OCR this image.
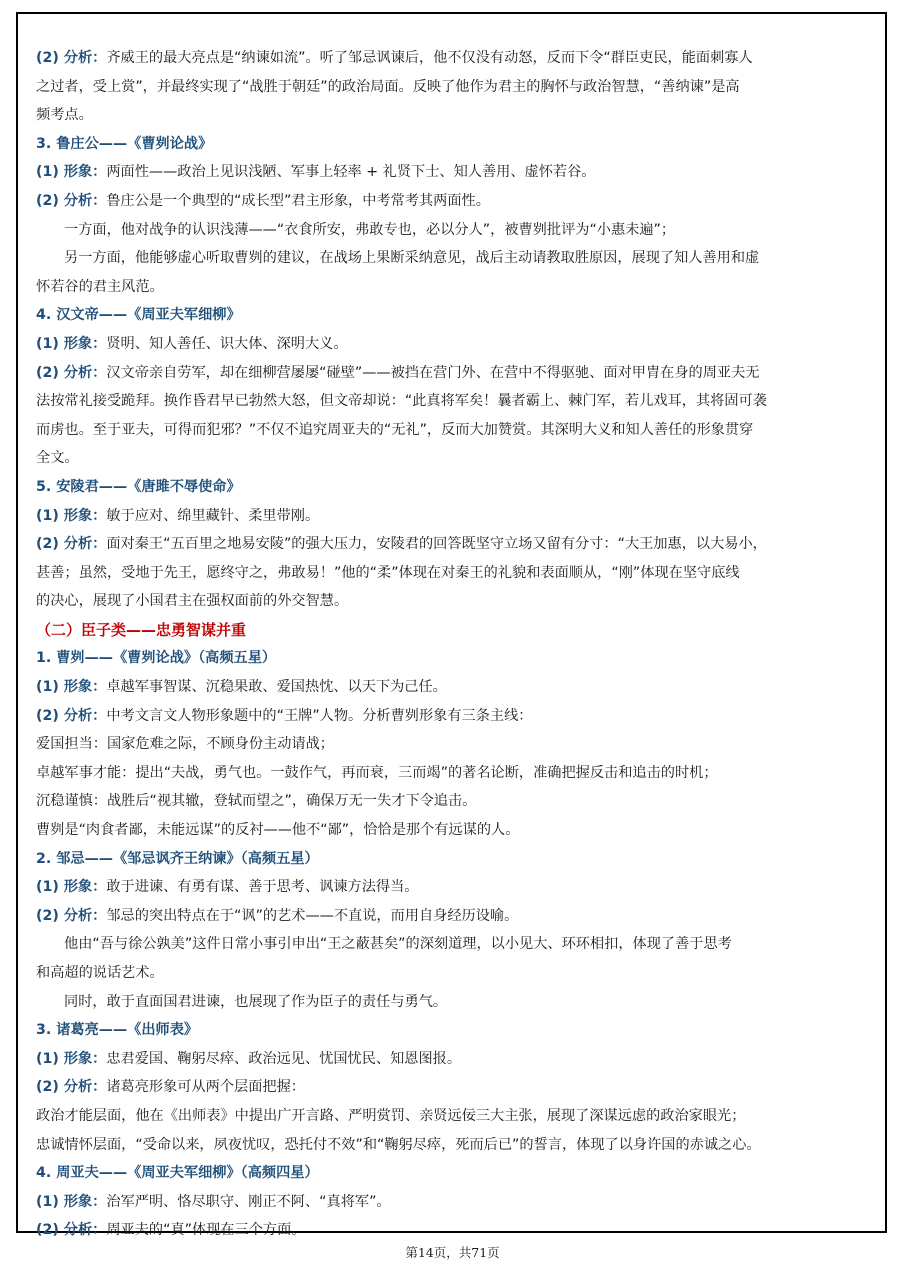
(2) 分析：齐威王的最大亮点是“纳谏如流”。听了邹忌讽谏后，他不仅没有动怒，反而下令“群臣吏民，能面刺寡人
之过者，受上赏”，并最终实现了“战胜于朝廷”的政治局面。反映了他作为君主的胸怀与政治智慧，“善纳谏”是高
频考点。
3. 鲁庄公——《曹刿论战》
(1) 形象：两面性——政治上见识浅陋、军事上轻率 + 礼贤下士、知人善用、虚怀若谷。
(2) 分析：鲁庄公是一个典型的“成长型”君主形象，中考常考其两面性。
一方面，他对战争的认识浅薄——“衣食所安，弗敢专也，必以分人”，被曹刿批评为“小惠未遍”；
另一方面，他能够虚心听取曹刿的建议，在战场上果断采纳意见，战后主动请教取胜原因，展现了知人善用和虚
怀若谷的君主风范。
4. 汉文帝——《周亚夫军细柳》
(1) 形象：贤明、知人善任、识大体、深明大义。
(2) 分析：汉文帝亲自劳军，却在细柳营屡屡“碰壁”——被挡在营门外、在营中不得驱驰、面对甲胄在身的周亚夫无
法按常礼接受跪拜。换作昏君早已勃然大怒，但文帝却说：“此真将军矣！曩者霸上、棘门军，若儿戏耳，其将固可袭
而虏也。至于亚夫，可得而犯邪？”不仅不追究周亚夫的“无礼”，反而大加赞赏。其深明大义和知人善任的形象贯穿
全文。
5. 安陵君——《唐雎不辱使命》
(1) 形象：敏于应对、绵里藏针、柔里带刚。
(2) 分析：面对秦王“五百里之地易安陵”的强大压力，安陵君的回答既坚守立场又留有分寸：“大王加惠，以大易小，
甚善；虽然，受地于先王，愿终守之，弗敢易！”他的“柔”体现在对秦王的礼貌和表面顺从，“刚”体现在坚守底线
的决心，展现了小国君主在强权面前的外交智慧。
（二）臣子类——忠勇智谋并重
1. 曹刿——《曹刿论战》（高频五星）
(1) 形象：卓越军事智谋、沉稳果敢、爱国热忱、以天下为己任。
(2) 分析：中考文言文人物形象题中的“王牌”人物。分析曹刿形象有三条主线：
爱国担当：国家危难之际，不顾身份主动请战；
卓越军事才能：提出“夫战，勇气也。一鼓作气，再而衰，三而竭”的著名论断，准确把握反击和追击的时机；
沉稳谨慎：战胜后“视其辙，登轼而望之”，确保万无一失才下令追击。
曹刿是“肉食者鄙，未能远谋”的反衬——他不“鄙”，恰恰是那个有远谋的人。
2. 邹忌——《邹忌讽齐王纳谏》（高频五星）
(1) 形象：敢于进谏、有勇有谋、善于思考、讽谏方法得当。
(2) 分析：邹忌的突出特点在于“讽”的艺术——不直说，而用自身经历设喻。
他由“吾与徐公孰美”这件日常小事引申出“王之蔽甚矣”的深刻道理，以小见大、环环相扣，体现了善于思考
和高超的说话艺术。
同时，敢于直面国君进谏，也展现了作为臣子的责任与勇气。
3. 诸葛亮——《出师表》
(1) 形象：忠君爱国、鞠躬尽瘁、政治远见、忧国忧民、知恩图报。
(2) 分析：诸葛亮形象可从两个层面把握：
政治才能层面，他在《出师表》中提出广开言路、严明赏罚、亲贤远佞三大主张，展现了深谋远虑的政治家眼光；
忠诚情怀层面，“受命以来，夙夜忧叹，恐托付不效”和“鞠躬尽瘁，死而后已”的誓言，体现了以身许国的赤诚之心。
4. 周亚夫——《周亚夫军细柳》（高频四星）
(1) 形象：治军严明、恪尽职守、刚正不阿、“真将军”。
(2) 分析：周亚夫的“真”体现在三个方面。
第14页，共71页
